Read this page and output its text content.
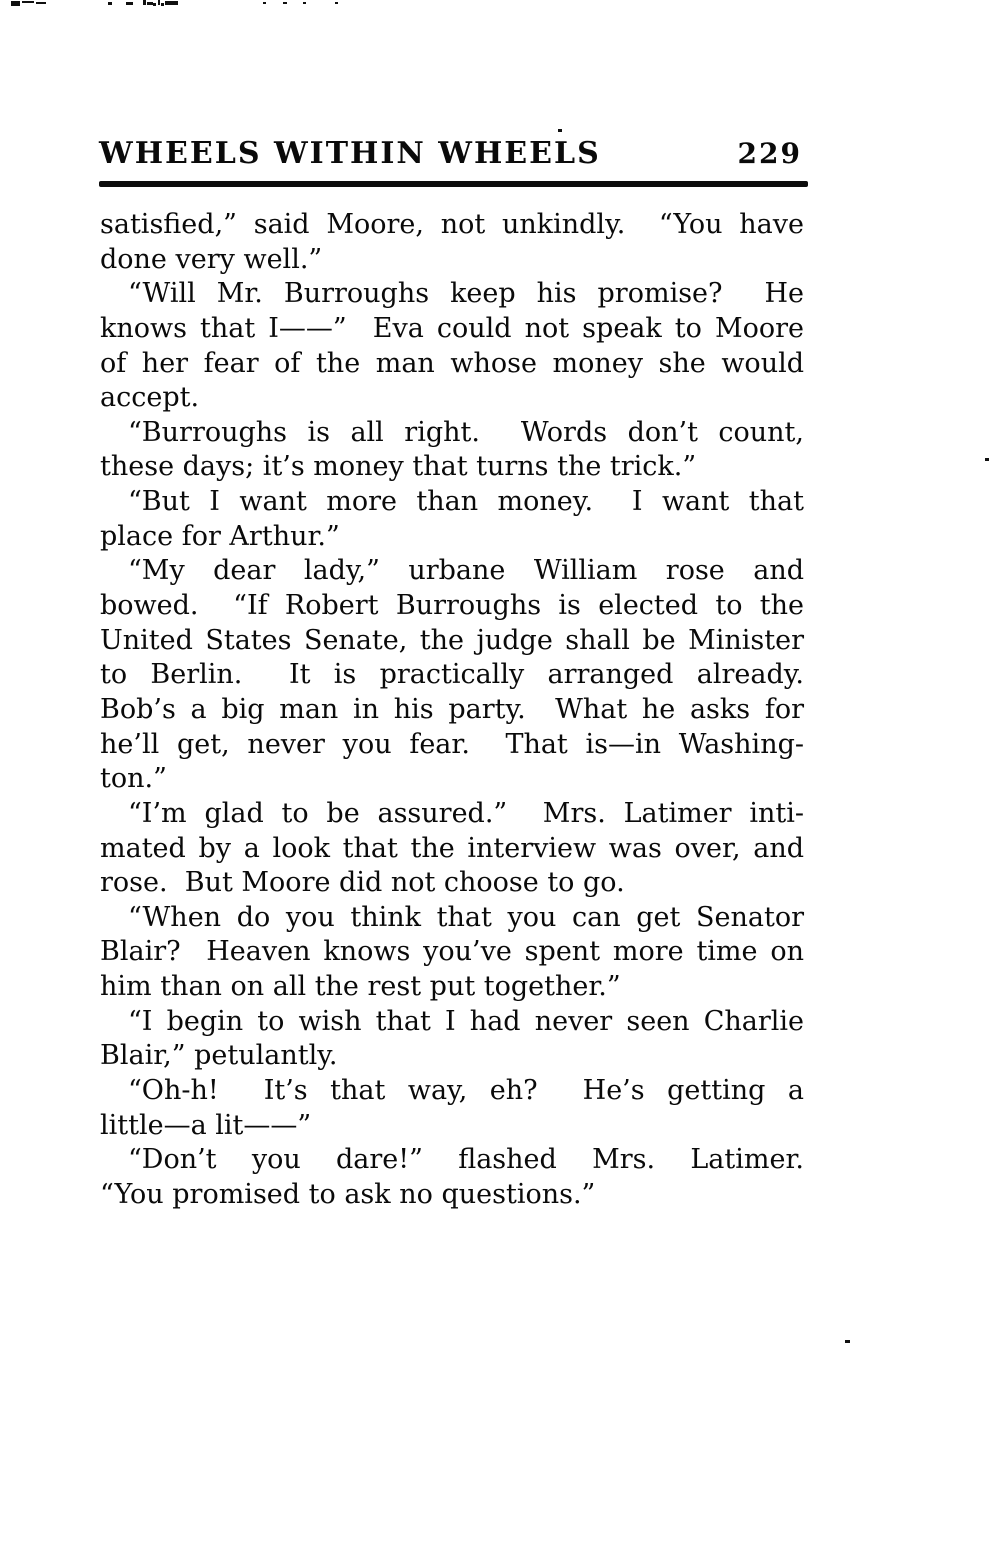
WHEELS WITHIN WHEELS	229
satisfied,” said Moore, not unkindly.  “You have
done very well.”
“Will Mr. Burroughs keep his promise?  He
knows that I——”  Eva could not speak to Moore
of her fear of the man whose money she would
accept.
“Burroughs is all right.  Words don’t count,
these days; it’s money that turns the trick.”
“But I want more than money.  I want that
place for Arthur.”
“My dear lady,” urbane William rose and
bowed.  “If Robert Burroughs is elected to the
United States Senate, the judge shall be Minister
to Berlin.  It is practically arranged already.
Bob’s a big man in his party.  What he asks for
he’ll get, never you fear.  That is—in Washing-
ton.”
“I’m glad to be assured.”  Mrs. Latimer inti-
mated by a look that the interview was over, and
rose.  But Moore did not choose to go.
“When do you think that you can get Senator
Blair?  Heaven knows you’ve spent more time on
him than on all the rest put together.”
“I begin to wish that I had never seen Charlie
Blair,” petulantly.
“Oh-h!  It’s that way, eh?  He’s getting a
little—a lit——”
“Don’t you dare!” flashed Mrs. Latimer.
“You promised to ask no questions.”
